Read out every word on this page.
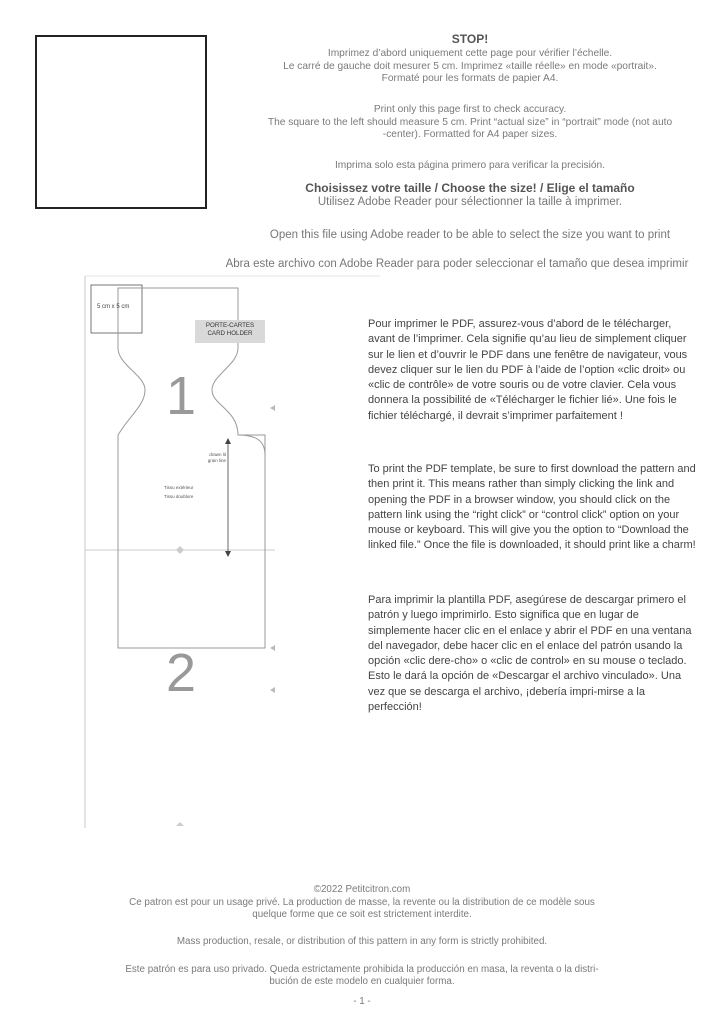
STOP!
Imprimez d’abord uniquement cette page pour vérifier l’échelle.
Le carré de gauche doit mesurer 5 cm. Imprimez «taille réelle» en mode «portrait».
Formaté pour les formats de papier A4.
Print only this page first to check accuracy.
The square to the left should measure 5 cm. Print “actual size” in “portrait” mode (not auto
-center). Formatted for A4 paper sizes.
Imprima solo esta página primero para verificar la precisión.
Choisissez votre taille / Choose the size! / Elige el tamaño
Utilisez Adobe Reader pour sélectionner la taille à imprimer.
Open this file using Adobe reader to be able to select the size you want to print
Abra este archivo con Adobe Reader para poder seleccionar el tamaño que desea imprimir
5 cm x 5 cm
PORTE-CARTES
CARD HOLDER
1
2
drawn lit
grain line
Tissu extérieur
Tissu doublure
Pour imprimer le PDF, assurez-vous d’abord de le télécharger, avant de l’imprimer. Cela signifie qu’au lieu de simplement cliquer sur le lien et d’ouvrir le PDF dans une fenêtre de navigateur, vous devez cliquer sur le lien du PDF à l’aide de l’option «clic droit» ou «clic de contrôle» de votre souris ou de votre clavier. Cela vous donnera la possibilité de «Télécharger le fichier lié». Une fois le fichier téléchargé, il devrait s’imprimer parfaitement !
To print the PDF template, be sure to first download the pattern and then print it. This means rather than simply clicking the link and opening the PDF in a browser window, you should click on the pattern link using the “right click” or “control click” option on your mouse or keyboard. This will give you the option to “Download the linked file.” Once the file is downloaded, it should print like a charm!
Para imprimir la plantilla PDF, asegúrese de descargar primero el patrón y luego imprimirlo. Esto significa que en lugar de simplemente hacer clic en el enlace y abrir el PDF en una ventana del navegador, debe hacer clic en el enlace del patrón usando la opción «clic dere-cho» o «clic de control» en su mouse o teclado. Esto le dará la opción de «Descargar el archivo vinculado». Una vez que se descarga el archivo, ¡debería impri-mirse a la perfección!
©2022 Petitcitron.com
Ce patron est pour un usage privé. La production de masse, la revente ou la distribution de ce modèle sous
quelque forme que ce soit est strictement interdite.
Mass production, resale, or distribution of this pattern in any form is strictly prohibited.
Este patrón es para uso privado. Queda estrictamente prohibida la producción en masa, la reventa o la distri-
bución de este modelo en cualquier forma.
- 1 -
